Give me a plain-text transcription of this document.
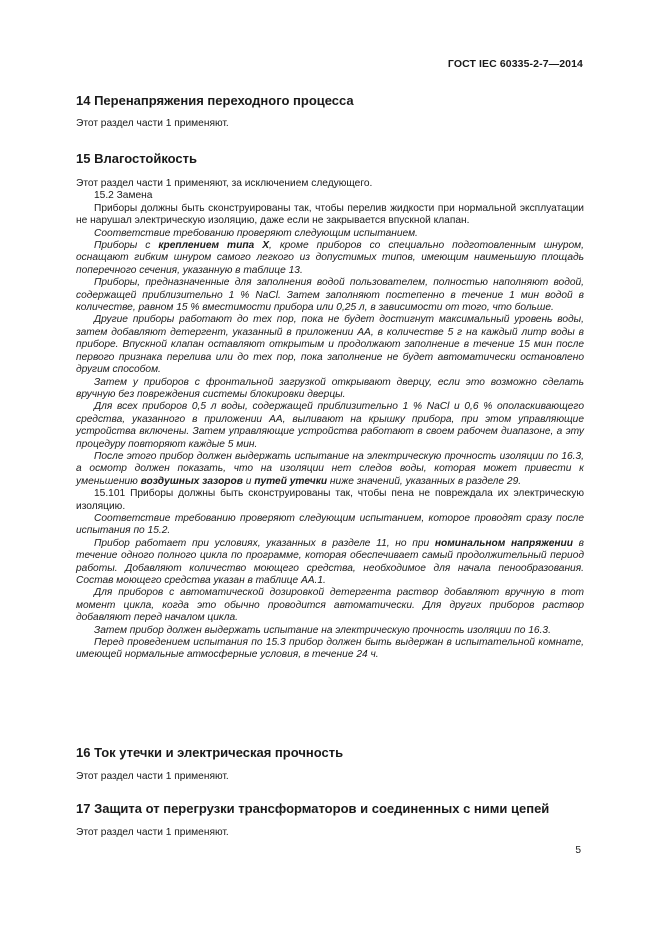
ГОСТ IEC 60335-2-7—2014
14 Перенапряжения переходного процесса
Этот раздел части 1 применяют.
15 Влагостойкость

Этот раздел части 1 применяют, за исключением следующего.

15.2 Замена

Приборы должны быть сконструированы так, чтобы перелив жидкости при нормальной эксплуатации не нарушал электрическую изоляцию, даже если не закрывается впускной клапан.

Соответствие требованию проверяют следующим испытанием.

Приборы с креплением типа X, кроме приборов со специально подготовленным шнуром, оснащают гибким шнуром самого легкого из допустимых типов, имеющим наименьшую площадь поперечного сечения, указанную в таблице 13.

Приборы, предназначенные для заполнения водой пользователем, полностью наполняют водой, содержащей приблизительно 1 % NaCl. Затем заполняют постепенно в течение 1 мин водой в количестве, равном 15 % вместимости прибора или 0,25 л, в зависимости от того, что больше.

Другие приборы работают до тех пор, пока не будет достигнут максимальный уровень воды, затем добавляют детергент, указанный в приложении АА, в количестве 5 г на каждый литр воды в приборе. Впускной клапан оставляют открытым и продолжают заполнение в течение 15 мин после первого признака перелива или до тех пор, пока заполнение не будет автоматически остановлено другим способом.

Затем у приборов с фронтальной загрузкой открывают дверцу, если это возможно сделать вручную без повреждения системы блокировки дверцы.

Для всех приборов 0,5 л воды, содержащей приблизительно 1 % NaCl и 0,6 % ополаскивающего средства, указанного в приложении АА, выливают на крышку прибора, при этом управляющие устройства включены. Затем управляющие устройства работают в своем рабочем диапазоне, а эту процедуру повторяют каждые 5 мин.

После этого прибор должен выдержать испытание на электрическую прочность изоляции по 16.3, а осмотр должен показать, что на изоляции нет следов воды, которая может привести к уменьшению воздушных зазоров и путей утечки ниже значений, указанных в разделе 29.

15.101 Приборы должны быть сконструированы так, чтобы пена не повреждала их электрическую изоляцию.

Соответствие требованию проверяют следующим испытанием, которое проводят сразу после испытания по 15.2.

Прибор работает при условиях, указанных в разделе 11, но при номинальном напряжении в течение одного полного цикла по программе, которая обеспечивает самый продолжительный период работы. Добавляют количество моющего средства, необходимое для начала пенообразования. Состав моющего средства указан в таблице АА.1.

Для приборов с автоматической дозировкой детергента раствор добавляют вручную в тот момент цикла, когда это обычно проводится автоматически. Для других приборов раствор добавляют перед началом цикла.

Затем прибор должен выдержать испытание на электрическую прочность изоляции по 16.3.

Перед проведением испытания по 15.3 прибор должен быть выдержан в испытательной комнате, имеющей нормальные атмосферные условия, в течение 24 ч.

16 Ток утечки и электрическая прочность
Этот раздел части 1 применяют.
17 Защита от перегрузки трансформаторов и соединенных с ними цепей
Этот раздел части 1 применяют.
5
